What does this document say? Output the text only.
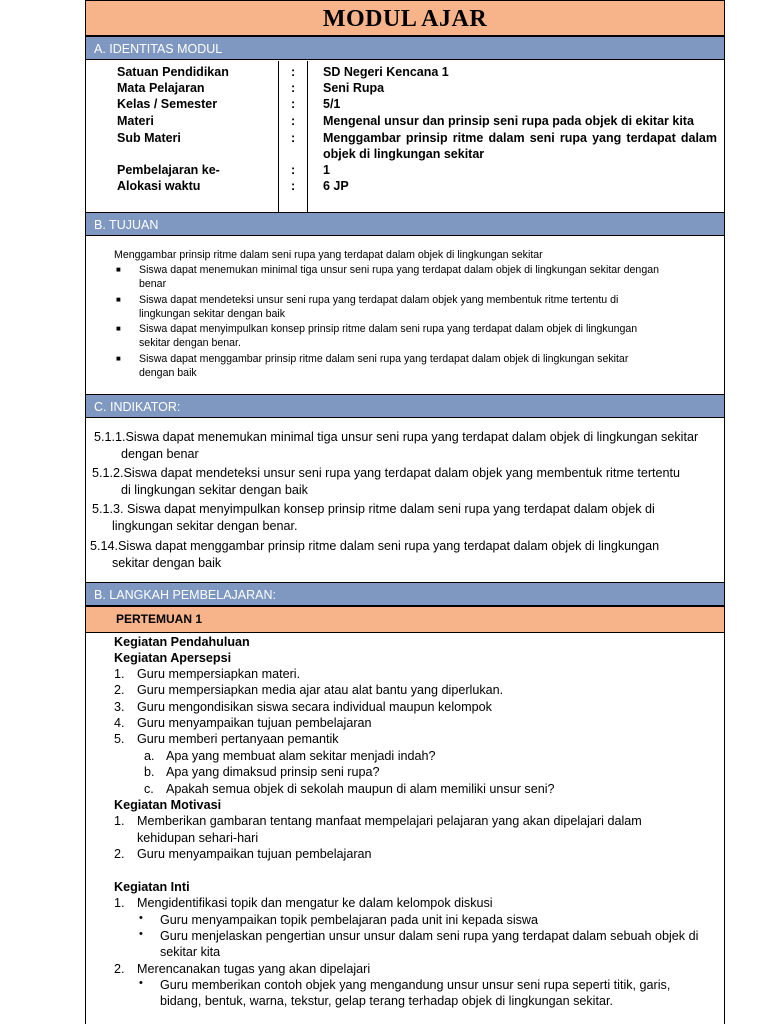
MODUL AJAR
A. IDENTITAS MODUL
Satuan Pendidikan	: SD Negeri Kencana 1
Mata Pelajaran	: Seni Rupa
Kelas / Semester	: 5/1
Materi	: Mengenal unsur dan prinsip seni rupa pada objek di ekitar kita
Sub Materi	: Menggambar prinsip ritme dalam seni rupa yang terdapat dalam objek di lingkungan sekitar
Pembelajaran ke-	: 1
Alokasi waktu	: 6 JP
B. TUJUAN
Menggambar prinsip ritme dalam seni rupa yang terdapat dalam objek di lingkungan sekitar
■ Siswa dapat menemukan minimal tiga unsur seni rupa yang terdapat dalam objek di lingkungan sekitar dengan
benar
■ Siswa dapat mendeteksi unsur seni rupa yang terdapat dalam objek yang membentuk ritme tertentu di
lingkungan sekitar dengan baik
■ Siswa dapat menyimpulkan konsep prinsip ritme dalam seni rupa yang terdapat dalam objek di lingkungan
sekitar dengan benar.
■ Siswa dapat menggambar prinsip ritme dalam seni rupa yang terdapat dalam objek di lingkungan sekitar
dengan baik
C. INDIKATOR:
5.1.1.Siswa dapat menemukan minimal tiga unsur seni rupa yang terdapat dalam objek di lingkungan sekitar
dengan benar
5.1.2.Siswa dapat mendeteksi unsur seni rupa yang terdapat dalam objek yang membentuk ritme tertentu
di lingkungan sekitar dengan baik
5.1.3. Siswa dapat menyimpulkan konsep prinsip ritme dalam seni rupa yang terdapat dalam objek di
lingkungan sekitar dengan benar.
5.14.Siswa dapat menggambar prinsip ritme dalam seni rupa yang terdapat dalam objek di lingkungan
sekitar dengan baik
B. LANGKAH PEMBELAJARAN:
PERTEMUAN 1
Kegiatan Pendahuluan
Kegiatan Apersepsi
1. Guru mempersiapkan materi.
2. Guru mempersiapkan media ajar atau alat bantu yang diperlukan.
3. Guru mengondisikan siswa secara individual maupun kelompok
4. Guru menyampaikan tujuan pembelajaran
5. Guru memberi pertanyaan pemantik
a. Apa yang membuat alam sekitar menjadi indah?
b. Apa yang dimaksud prinsip seni rupa?
c. Apakah semua objek di sekolah maupun di alam memiliki unsur seni?
Kegiatan Motivasi
1. Memberikan gambaran tentang manfaat mempelajari pelajaran yang akan dipelajari dalam
kehidupan sehari-hari
2. Guru menyampaikan tujuan pembelajaran
Kegiatan Inti
1. Mengidentifikasi topik dan mengatur ke dalam kelompok diskusi
• Guru menyampaikan topik pembelajaran pada unit ini kepada siswa
• Guru menjelaskan pengertian unsur unsur dalam seni rupa yang terdapat dalam sebuah objek di
sekitar kita
2. Merencanakan tugas yang akan dipelajari
• Guru memberikan contoh objek yang mengandung unsur unsur seni rupa seperti titik, garis,
bidang, bentuk, warna, tekstur, gelap terang terhadap objek di lingkungan sekitar.
